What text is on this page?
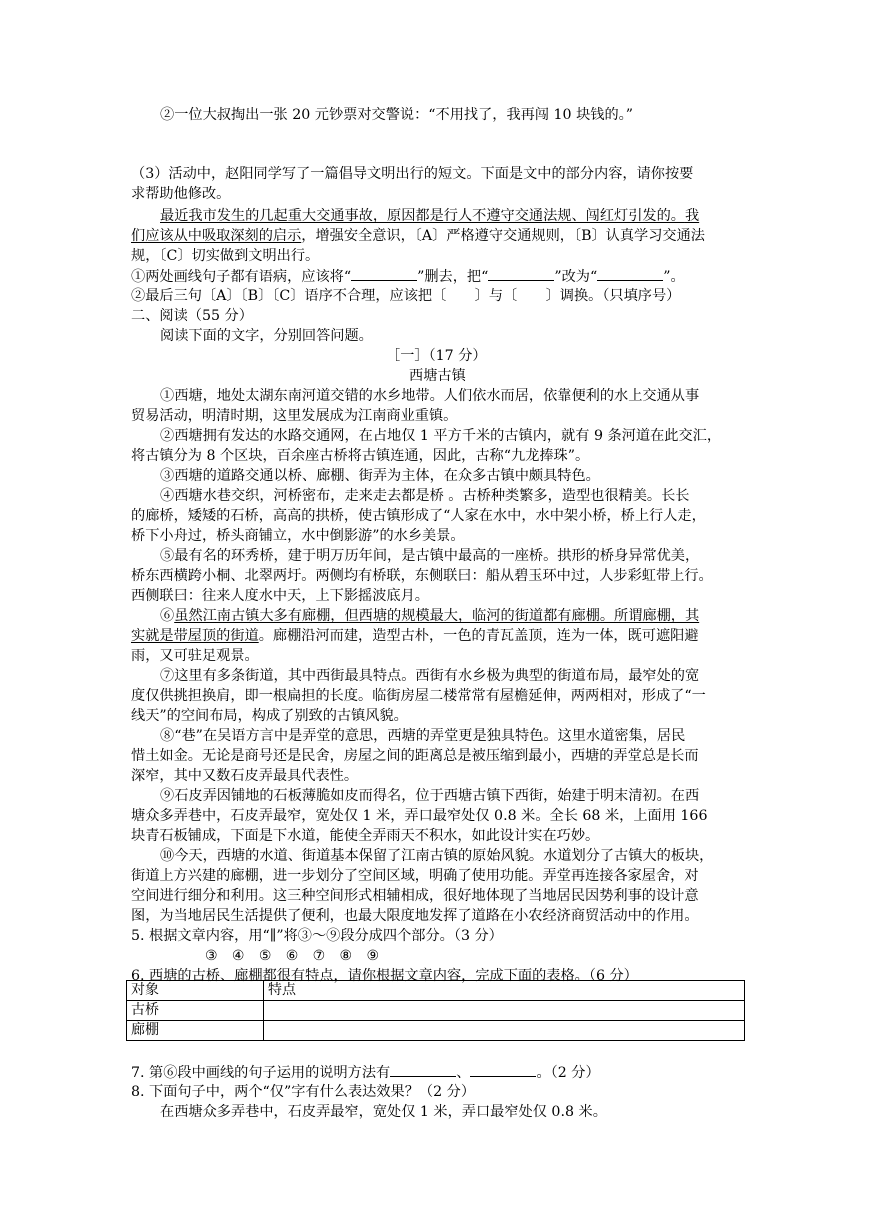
②一位大叔掏出一张 20 元钞票对交警说：“不用找了，我再闯 10 块钱的。”
（3）活动中，赵阳同学写了一篇倡导文明出行的短文。下面是文中的部分内容，请你按要
求帮助他修改。
最近我市发生的几起重大交通事故，原因都是行人不遵守交通法规、闯红灯引发的。我
们应该从中吸取深刻的启示，增强安全意识，〔A〕严格遵守交通规则，〔B〕认真学习交通法
规，〔C〕切实做到文明出行。
①两处画线句子都有语病，应该将“	”删去，把“	”改为“	”。
②最后三句〔A〕〔B〕〔C〕语序不合理，应该把〔　　〕与〔　　〕调换。（只填序号）
二、阅读（55 分）
阅读下面的文字，分别回答问题。
［一］（17 分）
西塘古镇
①西塘，地处太湖东南河道交错的水乡地带。人们依水而居，依靠便利的水上交通从事
贸易活动，明清时期，这里发展成为江南商业重镇。
②西塘拥有发达的水路交通网，在占地仅 1 平方千米的古镇内，就有 9 条河道在此交汇，
将古镇分为 8 个区块，百余座古桥将古镇连通，因此，古称“九龙捧珠”。
③西塘的道路交通以桥、廊棚、街弄为主体，在众多古镇中颇具特色。
④西塘水巷交织，河桥密布，走来走去都是桥 。古桥种类繁多，造型也很精美。长长
的廊桥，矮矮的石桥，高高的拱桥，使古镇形成了“人家在水中，水中架小桥，桥上行人走，
桥下小舟过，桥头商铺立，水中倒影游”的水乡美景。
⑤最有名的环秀桥，建于明万历年间，是古镇中最高的一座桥。拱形的桥身异常优美，
桥东西横跨小桐、北翠两圩。两侧均有桥联，东侧联曰：船从碧玉环中过，人步彩虹带上行。
西侧联曰：往来人度水中天，上下影摇波底月。
⑥虽然江南古镇大多有廊棚，但西塘的规模最大，临河的街道都有廊棚。所谓廊棚，其
实就是带屋顶的街道。廊棚沿河而建，造型古朴，一色的青瓦盖顶，连为一体，既可遮阳避
雨，又可驻足观景。
⑦这里有多条街道，其中西街最具特点。西街有水乡极为典型的街道布局，最窄处的宽
度仅供挑担换肩，即一根扁担的长度。临街房屋二楼常常有屋檐延伸，两两相对，形成了“一
线天”的空间布局，构成了别致的古镇风貌。
⑧“巷”在吴语方言中是弄堂的意思，西塘的弄堂更是独具特色。这里水道密集，居民
惜土如金。无论是商号还是民舍，房屋之间的距离总是被压缩到最小，西塘的弄堂总是长而
深窄，其中又数石皮弄最具代表性。
⑨石皮弄因铺地的石板薄脆如皮而得名，位于西塘古镇下西街，始建于明末清初。在西
塘众多弄巷中，石皮弄最窄，宽处仅 1 米，弄口最窄处仅 0.8 米。全长 68 米，上面用 166
块青石板铺成，下面是下水道，能使全弄雨天不积水，如此设计实在巧妙。
⑩今天，西塘的水道、街道基本保留了江南古镇的原始风貌。水道划分了古镇大的板块，
街道上方兴建的廊棚，进一步划分了空间区域，明确了使用功能。弄堂再连接各家屋舍，对
空间进行细分和利用。这三种空间形式相辅相成，很好地体现了当地居民因势利事的设计意
图，为当地居民生活提供了便利，也最大限度地发挥了道路在小农经济商贸活动中的作用。
5. 根据文章内容，用“∥”将③～⑨段分成四个部分。（3 分）
③　④　⑤　⑥　⑦　⑧　⑨
6. 西塘的古桥、廊棚都很有特点，请你根据文章内容，完成下面的表格。（6 分）
对象	特点
古桥	
廊棚	
7. 第⑥段中画线的句子运用的说明方法有	、	。（2 分）
8. 下面句子中，两个“仅”字有什么表达效果？（2 分）
在西塘众多弄巷中，石皮弄最窄，宽处仅 1 米，弄口最窄处仅 0.8 米。
